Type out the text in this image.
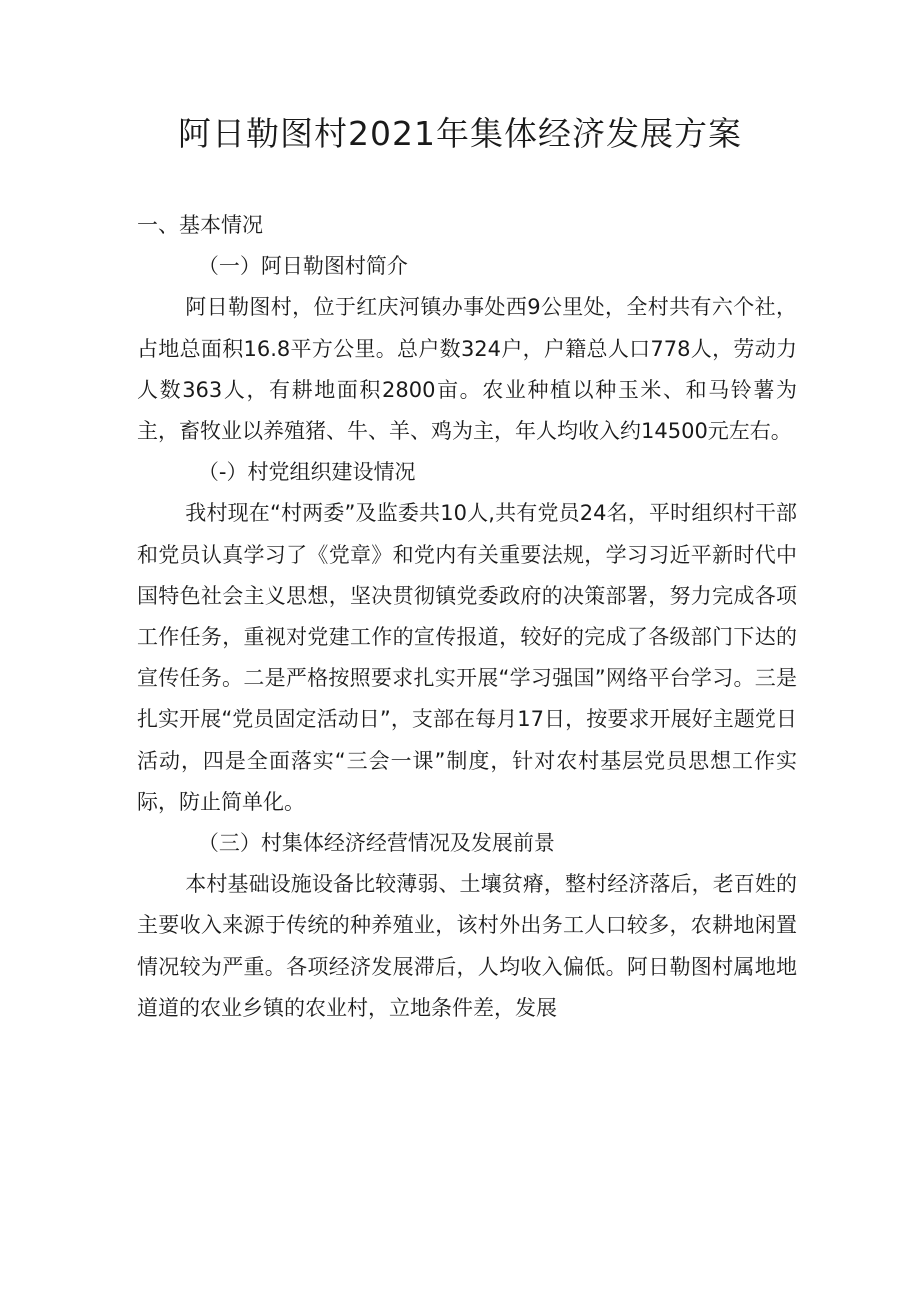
阿日勒图村2021年集体经济发展方案

一、基本情况

（一）阿日勒图村简介

阿日勒图村，位于红庆河镇办事处西9公里处，全村共有六个社，占地总面积16.8平方公里。总户数324户，户籍总人口778人，劳动力人数363人，有耕地面积2800亩。农业种植以种玉米、和马铃薯为主，畜牧业以养殖猪、牛、羊、鸡为主，年人均收入约14500元左右。

（-）村党组织建设情况

我村现在“村两委”及监委共10人,共有党员24名，平时组织村干部和党员认真学习了《党章》和党内有关重要法规，学习习近平新时代中国特色社会主义思想，坚决贯彻镇党委政府的决策部署，努力完成各项工作任务，重视对党建工作的宣传报道，较好的完成了各级部门下达的宣传任务。二是严格按照要求扎实开展“学习强国”网络平台学习。三是扎实开展“党员固定活动日”，支部在每月17日，按要求开展好主题党日活动，四是全面落实“三会一课”制度，针对农村基层党员思想工作实际，防止简单化。

（三）村集体经济经营情况及发展前景

本村基础设施设备比较薄弱、土壤贫瘠，整村经济落后，老百姓的主要收入来源于传统的种养殖业，该村外出务工人口较多，农耕地闲置情况较为严重。各项经济发展滞后，人均收入偏低。阿日勒图村属地地道道的农业乡镇的农业村，立地条件差，发展
